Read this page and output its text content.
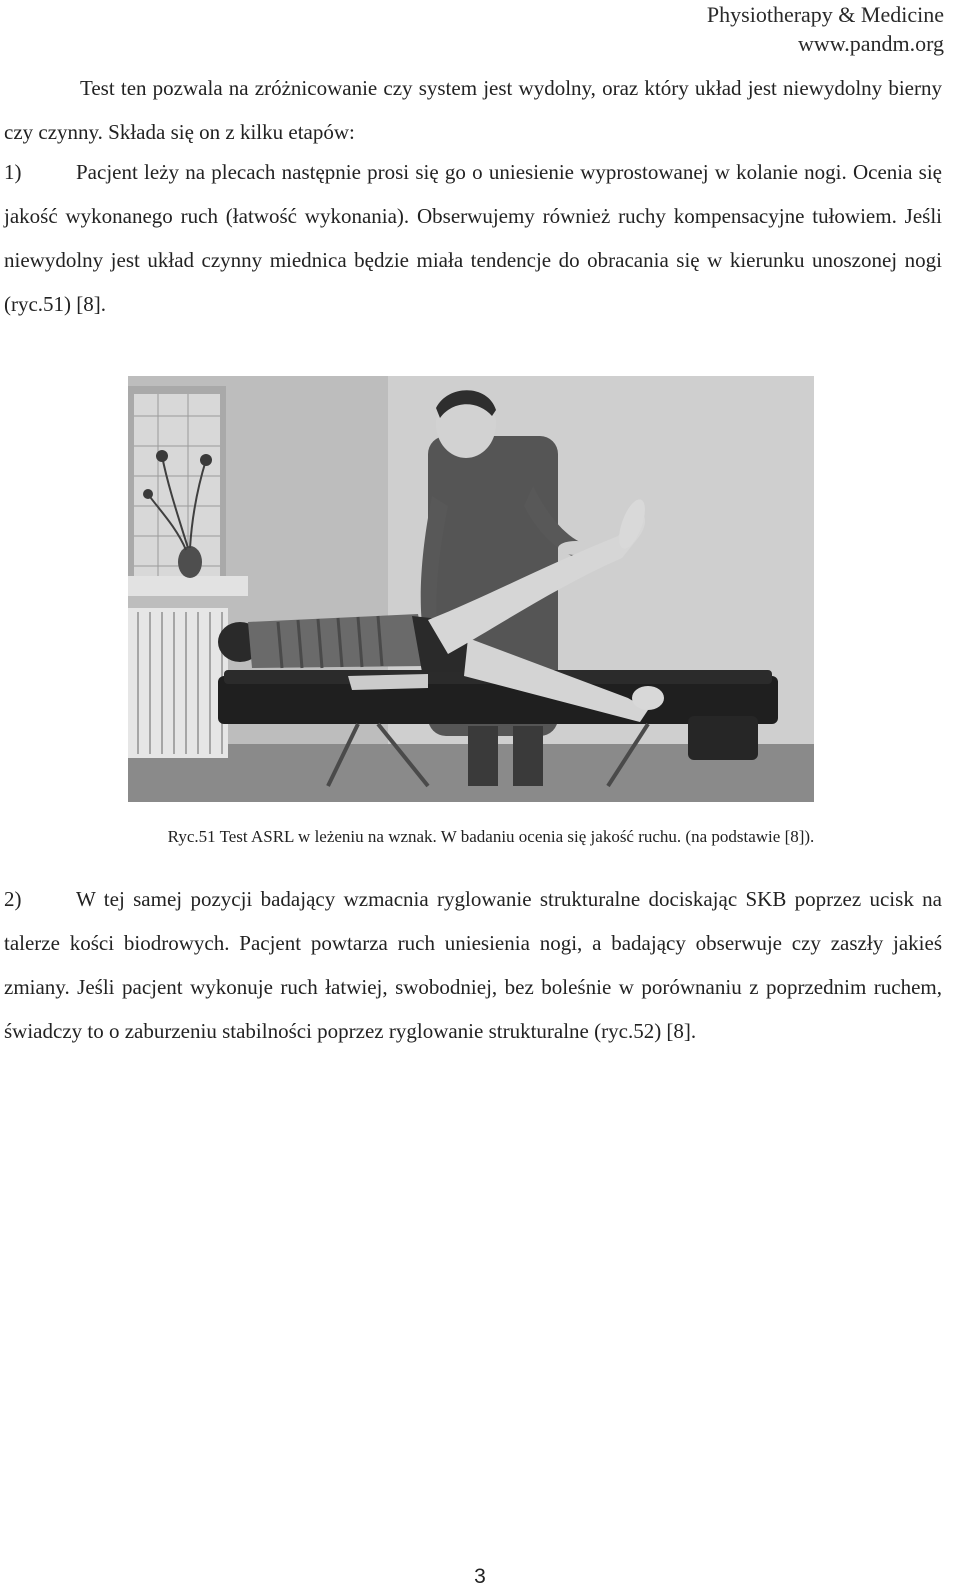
Physiotherapy & Medicine
www.pandm.org
Test ten pozwala na zróżnicowanie czy system jest wydolny, oraz który układ jest niewydolny bierny czy czynny. Składa się on z kilku etapów:
1)	Pacjent leży na plecach następnie prosi się go o uniesienie wyprostowanej w kolanie nogi. Ocenia się jakość wykonanego ruch (łatwość wykonania). Obserwujemy również ruchy kompensacyjne tułowiem. Jeśli niewydolny jest układ czynny miednica będzie miała tendencje do obracania się w kierunku unoszonej nogi (ryc.51) [8].
Ryc.51 Test ASRL w leżeniu na wznak. W badaniu ocenia się jakość ruchu. (na podstawie [8]).
2)	W tej samej pozycji badający wzmacnia ryglowanie strukturalne dociskając SKB poprzez ucisk na talerze kości biodrowych. Pacjent powtarza ruch uniesienia nogi, a badający obserwuje czy zaszły jakieś zmiany. Jeśli pacjent wykonuje ruch łatwiej, swobodniej, bez boleśnie w porównaniu z poprzednim ruchem, świadczy to o zaburzeniu stabilności poprzez ryglowanie strukturalne (ryc.52) [8].
3
